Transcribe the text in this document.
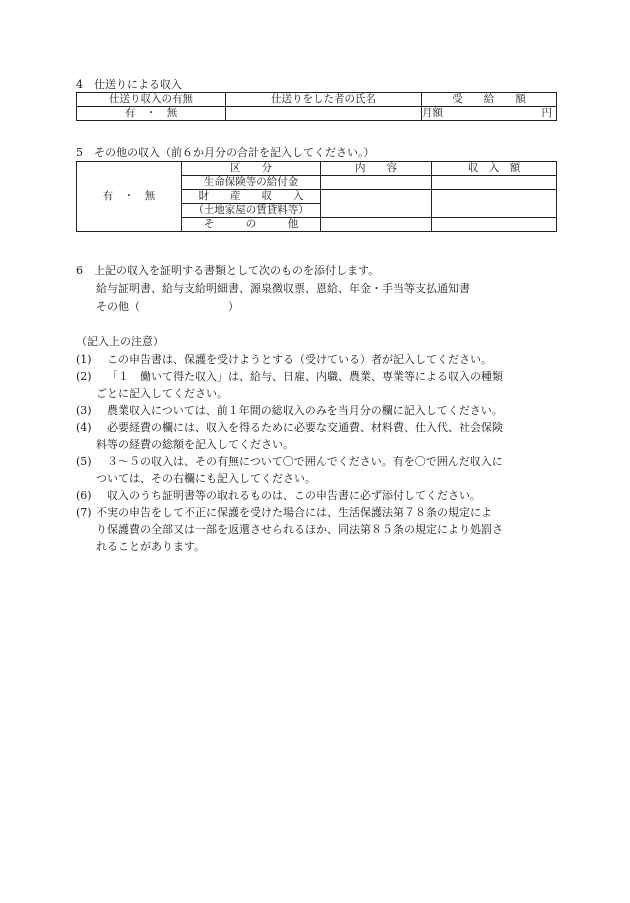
4　仕送りによる収入
仕送り収入の有無	仕送りをした者の氏名	受　　給　　額
有　・　無		月額 円
5　その他の収入（前６か月分の合計を記入してください。）
有　・　無	区　　分	内　　容	収　入　額
	生命保険等の給付金		
	財　　産　　収　　入		
	（土地家屋の賃貸料等）		
	そ　　　の　　　他		
6　上記の収入を証明する書類として次のものを添付します。
給与証明書、給与支給明細書、源泉徴収票、恩給、年金・手当等支払通知書
その他（　　　　　　　　）
（記入上の注意）
(1) この申告書は、保護を受けようとする（受けている）者が記入してください。
(2) 「１　働いて得た収入」は、給与、日雇、内職、農業、専業等による収入の種類
ごとに記入してください。
(3) 農業収入については、前１年間の総収入のみを当月分の欄に記入してください。
(4) 必要経費の欄には、収入を得るために必要な交通費、材料費、仕入代、社会保険
料等の経費の総額を記入してください。
(5) ３～５の収入は、その有無について〇で囲んでください。有を〇で囲んだ収入に
ついては、その右欄にも記入してください。
(6) 収入のうち証明書等の取れるものは、この申告書に必ず添付してください。
(7) 不実の申告をして不正に保護を受けた場合には、生活保護法第７８条の規定によ
り保護費の全部又は一部を返還させられるほか、同法第８５条の規定により処罰さ
れることがあります。
